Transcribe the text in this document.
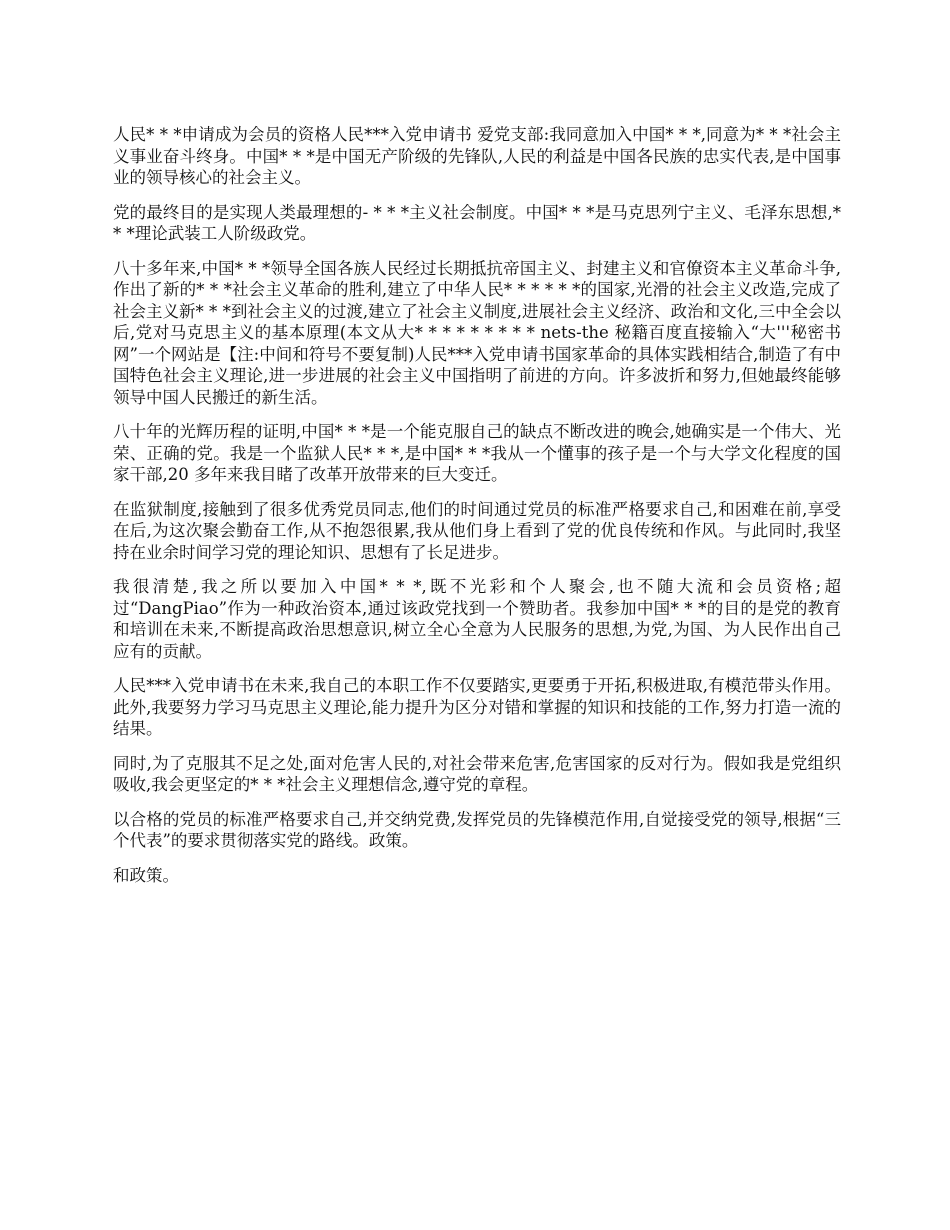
人民* * *申请成为会员的资格人民***入党申请书 爱党支部:我同意加入中国* * *,同意为* * *社会主义事业奋斗终身。中国* * *是中国无产阶级的先锋队,人民的利益是中国各民族的忠实代表,是中国事业的领导核心的社会主义。

党的最终目的是实现人类最理想的- * * *主义社会制度。中国* * *是马克思列宁主义、毛泽东思想,* * *理论武装工人阶级政党。

八十多年来,中国* * *领导全国各族人民经过长期抵抗帝国主义、封建主义和官僚资本主义革命斗争,作出了新的* * *社会主义革命的胜利,建立了中华人民* * * * * *的国家,光滑的社会主义改造,完成了社会主义新* * *到社会主义的过渡,建立了社会主义制度,进展社会主义经济、政治和文化,三中全会以后,党对马克思主义的基本原理(本文从大* * * * * * * * * nets-the 秘籍百度直接输入“大'''秘密书网”一个网站是【注:中间和符号不要复制)人民***入党申请书国家革命的具体实践相结合,制造了有中国特色社会主义理论,进一步进展的社会主义中国指明了前进的方向。许多波折和努力,但她最终能够领导中国人民搬迁的新生活。

八十年的光辉历程的证明,中国* * *是一个能克服自己的缺点不断改进的晚会,她确实是一个伟大、光荣、正确的党。我是一个监狱人民* * *,是中国* * *我从一个懂事的孩子是一个与大学文化程度的国家干部,20 多年来我目睹了改革开放带来的巨大变迁。

在监狱制度,接触到了很多优秀党员同志,他们的时间通过党员的标准严格要求自己,和困难在前,享受在后,为这次聚会勤奋工作,从不抱怨很累,我从他们身上看到了党的优良传统和作风。与此同时,我坚持在业余时间学习党的理论知识、思想有了长足进步。

我很清楚,我之所以要加入中国* * *,既不光彩和个人聚会,也不随大流和会员资格;超过“DangPiao”作为一种政治资本,通过该政党找到一个赞助者。我参加中国* * *的目的是党的教育和培训在未来,不断提高政治思想意识,树立全心全意为人民服务的思想,为党,为国、为人民作出自己应有的贡献。

人民***入党申请书在未来,我自己的本职工作不仅要踏实,更要勇于开拓,积极进取,有模范带头作用。此外,我要努力学习马克思主义理论,能力提升为区分对错和掌握的知识和技能的工作,努力打造一流的结果。

同时,为了克服其不足之处,面对危害人民的,对社会带来危害,危害国家的反对行为。假如我是党组织吸收,我会更坚定的* * *社会主义理想信念,遵守党的章程。

以合格的党员的标准严格要求自己,并交纳党费,发挥党员的先锋模范作用,自觉接受党的领导,根据“三个代表”的要求贯彻落实党的路线。政策。

和政策。
